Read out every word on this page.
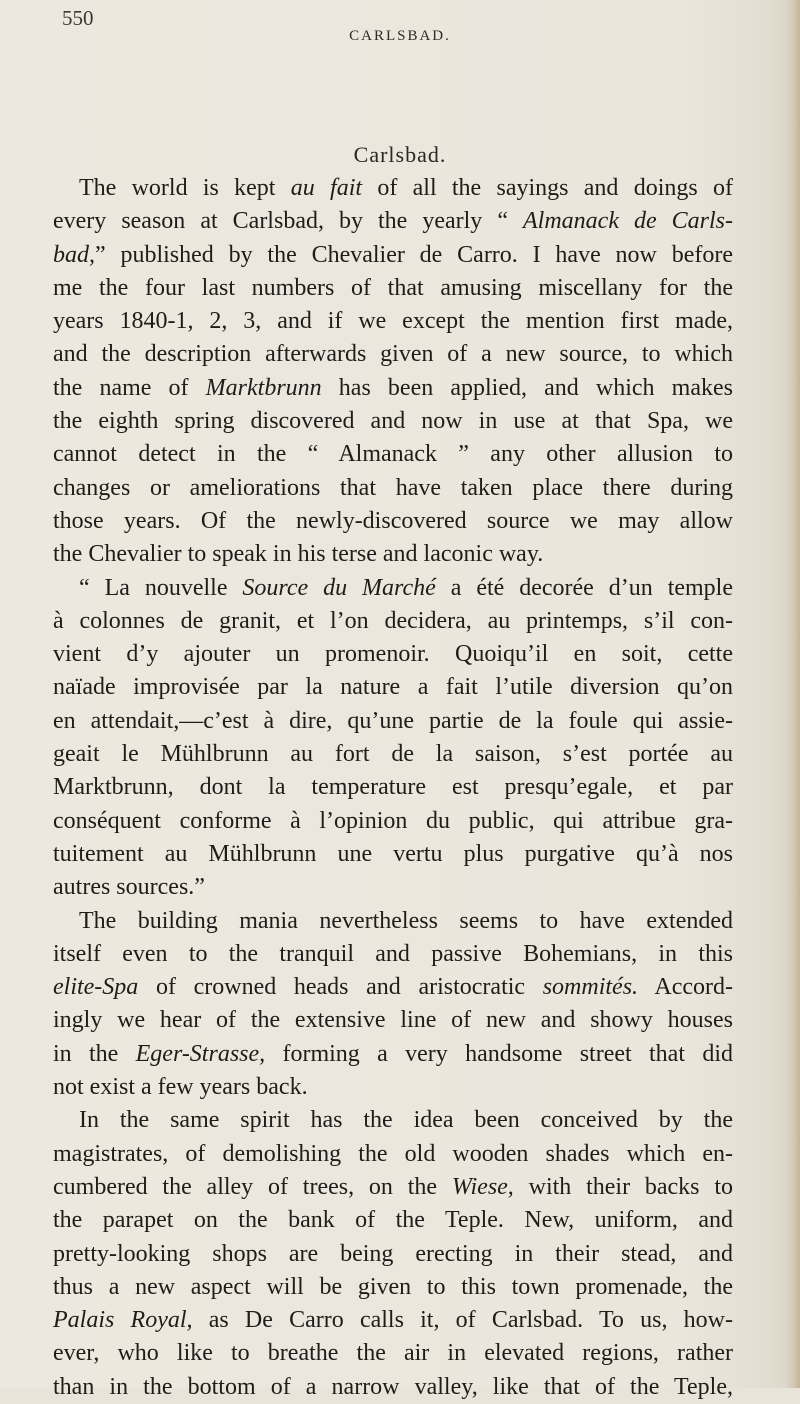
550
CARLSBAD.
Carlsbad.
The world is kept au fait of all the sayings and doings of
every season at Carlsbad, by the yearly “ Almanack de Carls-
bad,” published by the Chevalier de Carro. I have now before
me the four last numbers of that amusing miscellany for the
years 1840-1, 2, 3, and if we except the mention first made,
and the description afterwards given of a new source, to which
the name of Marktbrunn has been applied, and which makes
the eighth spring discovered and now in use at that Spa, we
cannot detect in the “ Almanack ” any other allusion to
changes or ameliorations that have taken place there during
those years. Of the newly-discovered source we may allow
the Chevalier to speak in his terse and laconic way.
“ La nouvelle Source du Marché a été decorée d’un temple
à colonnes de granit, et l’on decidera, au printemps, s’il con-
vient d’y ajouter un promenoir. Quoiqu’il en soit, cette
naïade improvisée par la nature a fait l’utile diversion qu’on
en attendait,—c’est à dire, qu’une partie de la foule qui assie-
geait le Mühlbrunn au fort de la saison, s’est portée au
Marktbrunn, dont la temperature est presqu’egale, et par
conséquent conforme à l’opinion du public, qui attribue gra-
tuitement au Mühlbrunn une vertu plus purgative qu’à nos
autres sources.”
The building mania nevertheless seems to have extended
itself even to the tranquil and passive Bohemians, in this
elite-Spa of crowned heads and aristocratic sommités. Accord-
ingly we hear of the extensive line of new and showy houses
in the Eger-Strasse, forming a very handsome street that did
not exist a few years back.
In the same spirit has the idea been conceived by the
magistrates, of demolishing the old wooden shades which en-
cumbered the alley of trees, on the Wiese, with their backs to
the parapet on the bank of the Teple. New, uniform, and
pretty-looking shops are being erecting in their stead, and
thus a new aspect will be given to this town promenade, the
Palais Royal, as De Carro calls it, of Carlsbad. To us, how-
ever, who like to breathe the air in elevated regions, rather
than in the bottom of a narrow valley, like that of the Teple,
